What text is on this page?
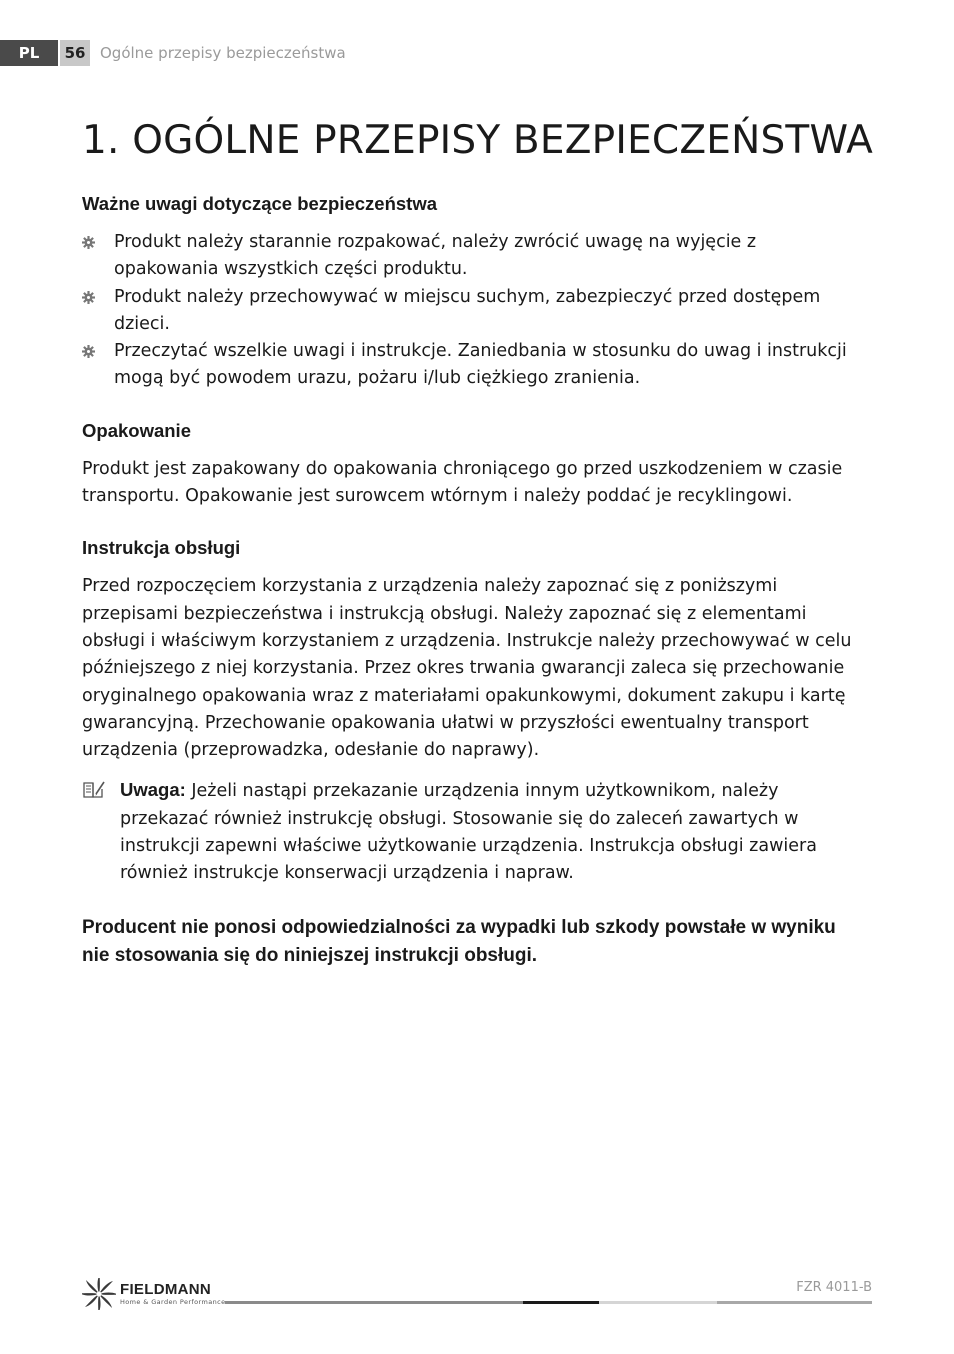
PL	56 Ogólne przepisy bezpieczeństwa
1. OGÓLNE PRZEPISY BEZPIECZEŃSTWA
Ważne uwagi dotyczące bezpieczeństwa
Produkt należy starannie rozpakować, należy zwrócić uwagę na wyjęcie z opakowania wszystkich części produktu.
Produkt należy przechowywać w miejscu suchym, zabezpieczyć przed dostępem dzieci.
Przeczytać wszelkie uwagi i instrukcje. Zaniedbania w stosunku do uwag i instrukcji mogą być powodem urazu, pożaru i/lub ciężkiego zranienia.
Opakowanie

Produkt jest zapakowany do opakowania chroniącego go przed uszkodzeniem w czasie transportu. Opakowanie jest surowcem wtórnym i należy poddać je recyklingowi.

Instrukcja obsługi

Przed rozpoczęciem korzystania z urządzenia należy zapoznać się z poniższymi przepisami bezpieczeństwa i instrukcją obsługi. Należy zapoznać się z elementami obsługi i właściwym korzystaniem z urządzenia. Instrukcje należy przechowywać w celu późniejszego z niej korzystania. Przez okres trwania gwarancji zaleca się przechowanie oryginalnego opakowania wraz z materiałami opakunkowymi, dokument zakupu i kartę gwarancyjną. Przechowanie opakowania ułatwi w przyszłości ewentualny transport urządzenia (przeprowadzka, odesłanie do naprawy).

Uwaga: Jeżeli nastąpi przekazanie urządzenia innym użytkownikom, należy przekazać również instrukcję obsługi. Stosowanie się do zaleceń zawartych w instrukcji zapewni właściwe użytkowanie urządzenia. Instrukcja obsługi zawiera również instrukcje konserwacji urządzenia i napraw.

Producent nie ponosi odpowiedzialności za wypadki lub szkody powstałe w wyniku nie stosowania się do niniejszej instrukcji obsługi.

FIELDMANN
Home & Garden Performance
FZR 4011-B
